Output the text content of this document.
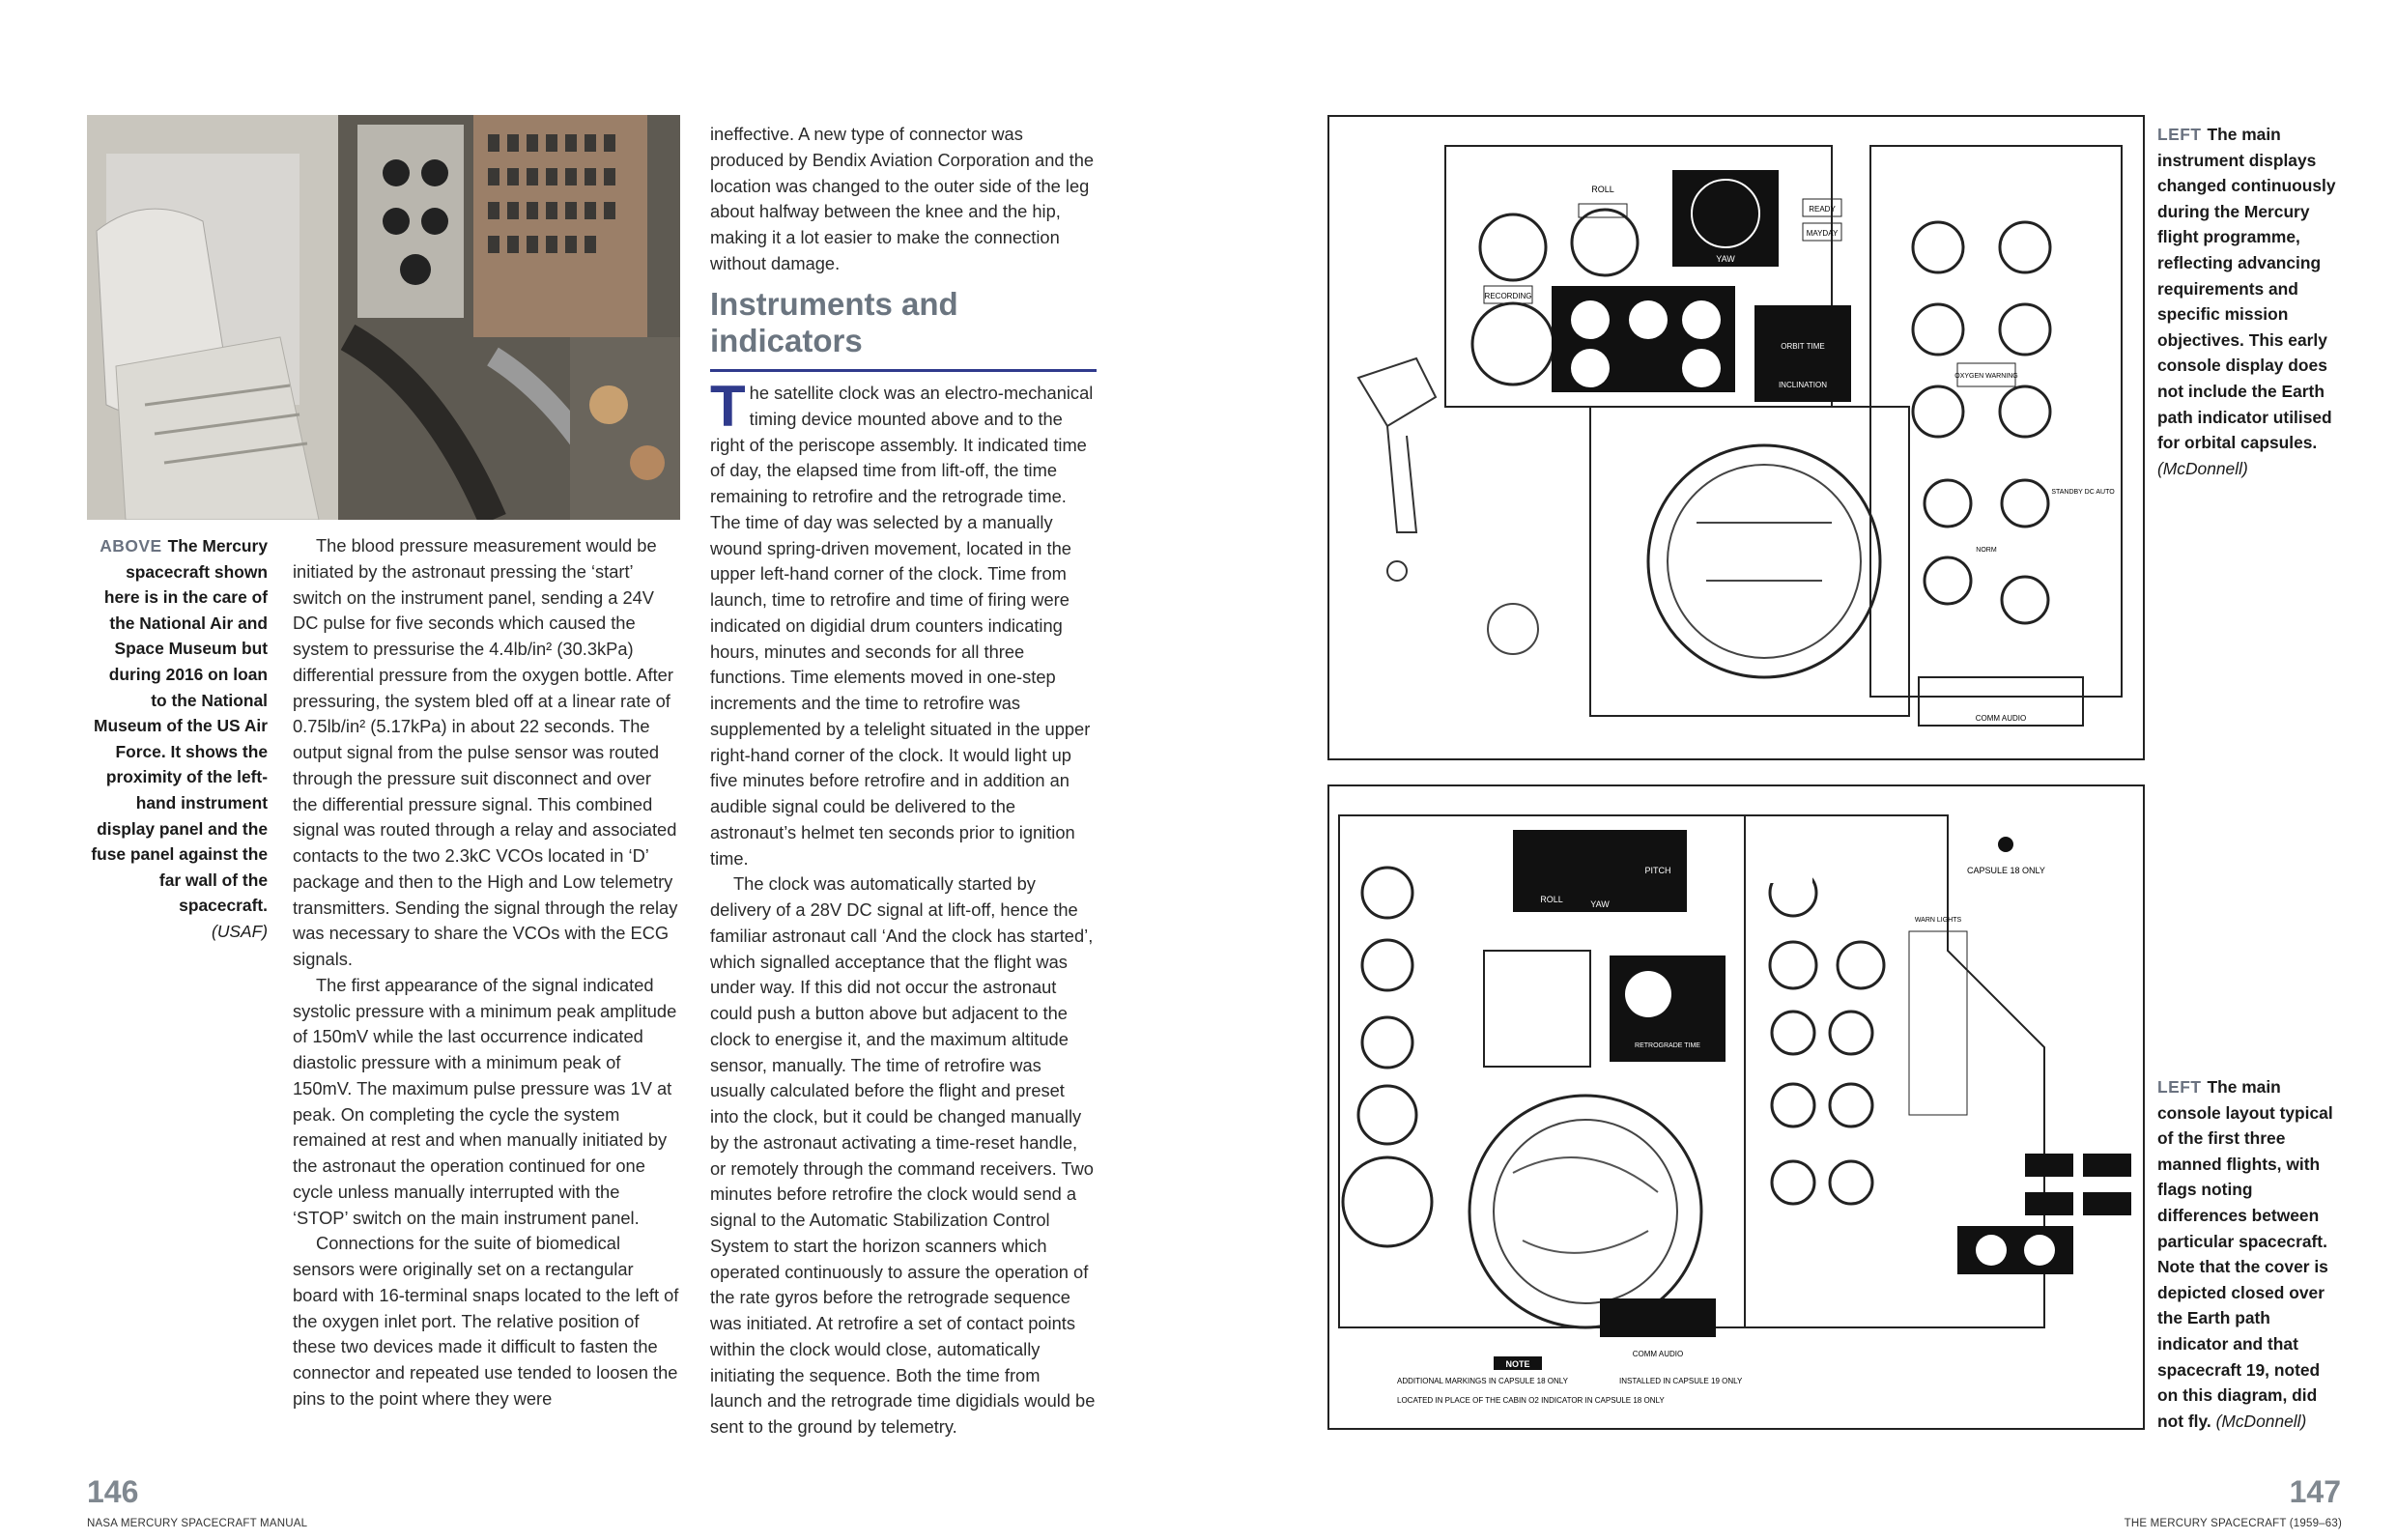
ABOVE The Mercury spacecraft shown here is in the care of the National Air and Space Museum but during 2016 on loan to the National Museum of the US Air Force. It shows the proximity of the left-hand instrument display panel and the fuse panel against the far wall of the spacecraft.
(USAF)

The blood pressure measurement would be initiated by the astronaut pressing the ‘start’ switch on the instrument panel, sending a 24V DC pulse for five seconds which caused the system to pressurise the 4.4lb/in² (30.3kPa) differential pressure from the oxygen bottle. After pressuring, the system bled off at a linear rate of 0.75lb/in² (5.17kPa) in about 22 seconds. The output signal from the pulse sensor was routed through the pressure suit disconnect and over the differential pressure signal. This combined signal was routed through a relay and associated contacts to the two 2.3kC VCOs located in ‘D’ package and then to the High and Low telemetry transmitters. Sending the signal through the relay was necessary to share the VCOs with the ECG signals.

The first appearance of the signal indicated systolic pressure with a minimum peak amplitude of 150mV while the last occurrence indicated diastolic pressure with a minimum peak of 150mV. The maximum pulse pressure was 1V at peak. On completing the cycle the system remained at rest and when manually initiated by the astronaut the operation continued for one cycle unless manually interrupted with the ‘STOP’ switch on the main instrument panel.

Connections for the suite of biomedical sensors were originally set on a rectangular board with 16-terminal snaps located to the left of the oxygen inlet port. The relative position of these two devices made it difficult to fasten the connector and repeated use tended to loosen the pins to the point where they were

ineffective. A new type of connector was produced by Bendix Aviation Corporation and the location was changed to the outer side of the leg about halfway between the knee and the hip, making it a lot easier to make the connection without damage.

Instruments and indicators

The satellite clock was an electro-mechanical timing device mounted above and to the right of the periscope assembly. It indicated time of day, the elapsed time from lift-off, the time remaining to retrofire and the retrograde time. The time of day was selected by a manually wound spring-driven movement, located in the upper left-hand corner of the clock. Time from launch, time to retrofire and time of firing were indicated on digidial drum counters indicating hours, minutes and seconds for all three functions. Time elements moved in one-step increments and the time to retrofire was supplemented by a telelight situated in the upper right-hand corner of the clock. It would light up five minutes before retrofire and in addition an audible signal could be delivered to the astronaut’s helmet ten seconds prior to ignition time.

The clock was automatically started by delivery of a 28V DC signal at lift-off, hence the familiar astronaut call ‘And the clock has started’, which signalled acceptance that the flight was under way. If this did not occur the astronaut could push a button above but adjacent to the clock to energise it, and the maximum altitude sensor, manually. The time of retrofire was usually calculated before the flight and preset into the clock, but it could be changed manually by the astronaut activating a time-reset handle, or remotely through the command receivers. Two minutes before retrofire the clock would send a signal to the Automatic Stabilization Control System to start the horizon scanners which operated continuously to assure the operation of the rate gyros before the retrograde sequence was initiated. At retrofire a set of contact points within the clock would close, automatically initiating the sequence. Both the time from launch and the retrograde time digidials would be sent to the ground by telemetry.

YAW
ROLL
ORBIT TIME
INCLINATION
READY
MAYDAY
RECORDING
OXYGEN WARNING
STANDBY DC AUTO
NORM
COMM AUDIO
LEFT The main instrument displays changed continuously during the Mercury flight programme, reflecting advancing requirements and specific mission objectives. This early console display does not include the Earth path indicator utilised for orbital capsules.
(McDonnell)
ROLL
PITCH
YAW
RETROGRADE TIME
WARN LIGHTS
CAPSULE 18 ONLY
COMM AUDIO
NOTE
ADDITIONAL MARKINGS IN CAPSULE 18 ONLY
LOCATED IN PLACE OF THE CABIN O2 INDICATOR IN CAPSULE 18 ONLY
INSTALLED IN CAPSULE 19 ONLY
LEFT The main console layout typical of the first three manned flights, with flags noting differences between particular spacecraft. Note that the cover is depicted closed over the Earth path indicator and that spacecraft 19, noted on this diagram, did not fly. (McDonnell)
146
NASA MERCURY SPACECRAFT MANUAL
147
THE MERCURY SPACECRAFT (1959–63)
